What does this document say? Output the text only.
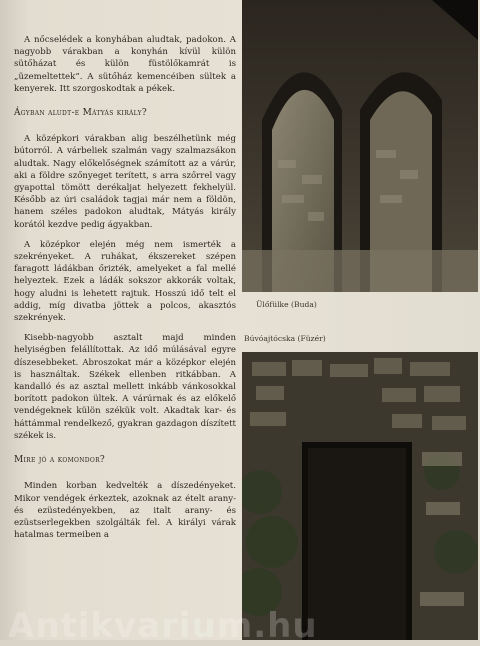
A nőcselédek a konyhában aludtak, padokon. A nagyobb várakban a konyhán kívül külön sütőházat és külön füstölőkamrát is „üzemeltettek”. A sütőház kemencéiben sültek a kenyerek. Itt szorgoskodtak a pékek.

Ágyban aludt-e Mátyás király?

A középkori várakban alig beszélhetünk még bútorról. A várbeliek szalmán vagy szalmazsákon aludtak. Nagy előkelőségnek számított az a várúr, aki a földre szőnyeget terített, s arra szőrrel vagy gyapottal tömött derékaljat helyezett fekhelyül. Később az úri családok tagjai már nem a földön, hanem széles padokon aludtak, Mátyás király korától kezdve pedig ágyakban.

A középkor elején még nem ismerték a szekrényeket. A ruhákat, ékszereket szépen faragott ládákban őrizték, amelyeket a fal mellé helyeztek. Ezek a ládák sokszor akkorák voltak, hogy aludni is lehetett rajtuk. Hosszú idő telt el addig, míg divatba jöttek a polcos, akasztós szekrények.

Kisebb-nagyobb asztalt majd minden helyiségben felállítottak. Az idő múlásával egyre díszesebbeket. Abroszokat már a középkor elején is használtak. Székek ellenben ritkábban. A kandalló és az asztal mellett inkább vánkosokkal borított padokon ültek. A várúrnak és az előkelő vendégeknek külön székük volt. Akadtak kar- és háttámmal rendelkező, gyakran gazdagon díszített székek is.

Mire jó a komondor?

Minden korban kedvelték a díszedényeket. Mikor vendégek érkeztek, azoknak az ételt arany- és ezüstedényekben, az italt arany- és ezüstserlegekben szolgálták fel. A királyi várak hatalmas termeiben a

Ülőfülke (Buda)
Búvóajtócska (Füzér)
Antikvarium.hu
